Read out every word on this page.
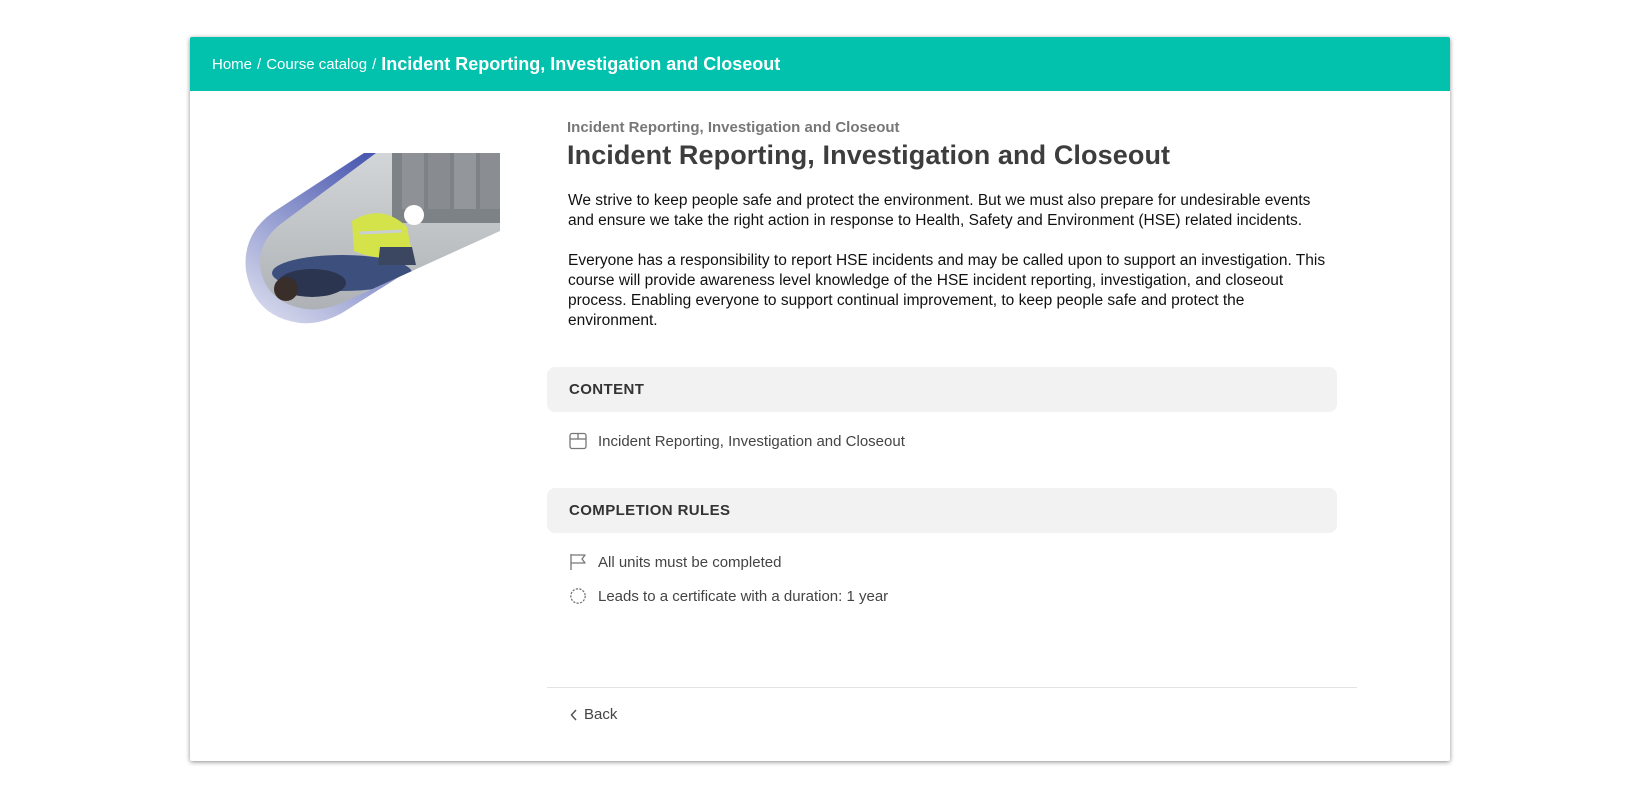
Home / Course catalog / Incident Reporting, Investigation and Closeout
Incident Reporting, Investigation and Closeout
Incident Reporting, Investigation and Closeout

We strive to keep people safe and protect the environment. But we must also prepare for undesirable events and ensure we take the right action in response to Health, Safety and Environment (HSE) related incidents.

Everyone has a responsibility to report HSE incidents and may be called upon to support an investigation. This course will provide awareness level knowledge of the HSE incident reporting, investigation, and closeout process. Enabling everyone to support continual improvement, to keep people safe and protect the environment.

CONTENT
Incident Reporting, Investigation and Closeout
COMPLETION RULES
All units must be completed
Leads to a certificate with a duration: 1 year
Back
